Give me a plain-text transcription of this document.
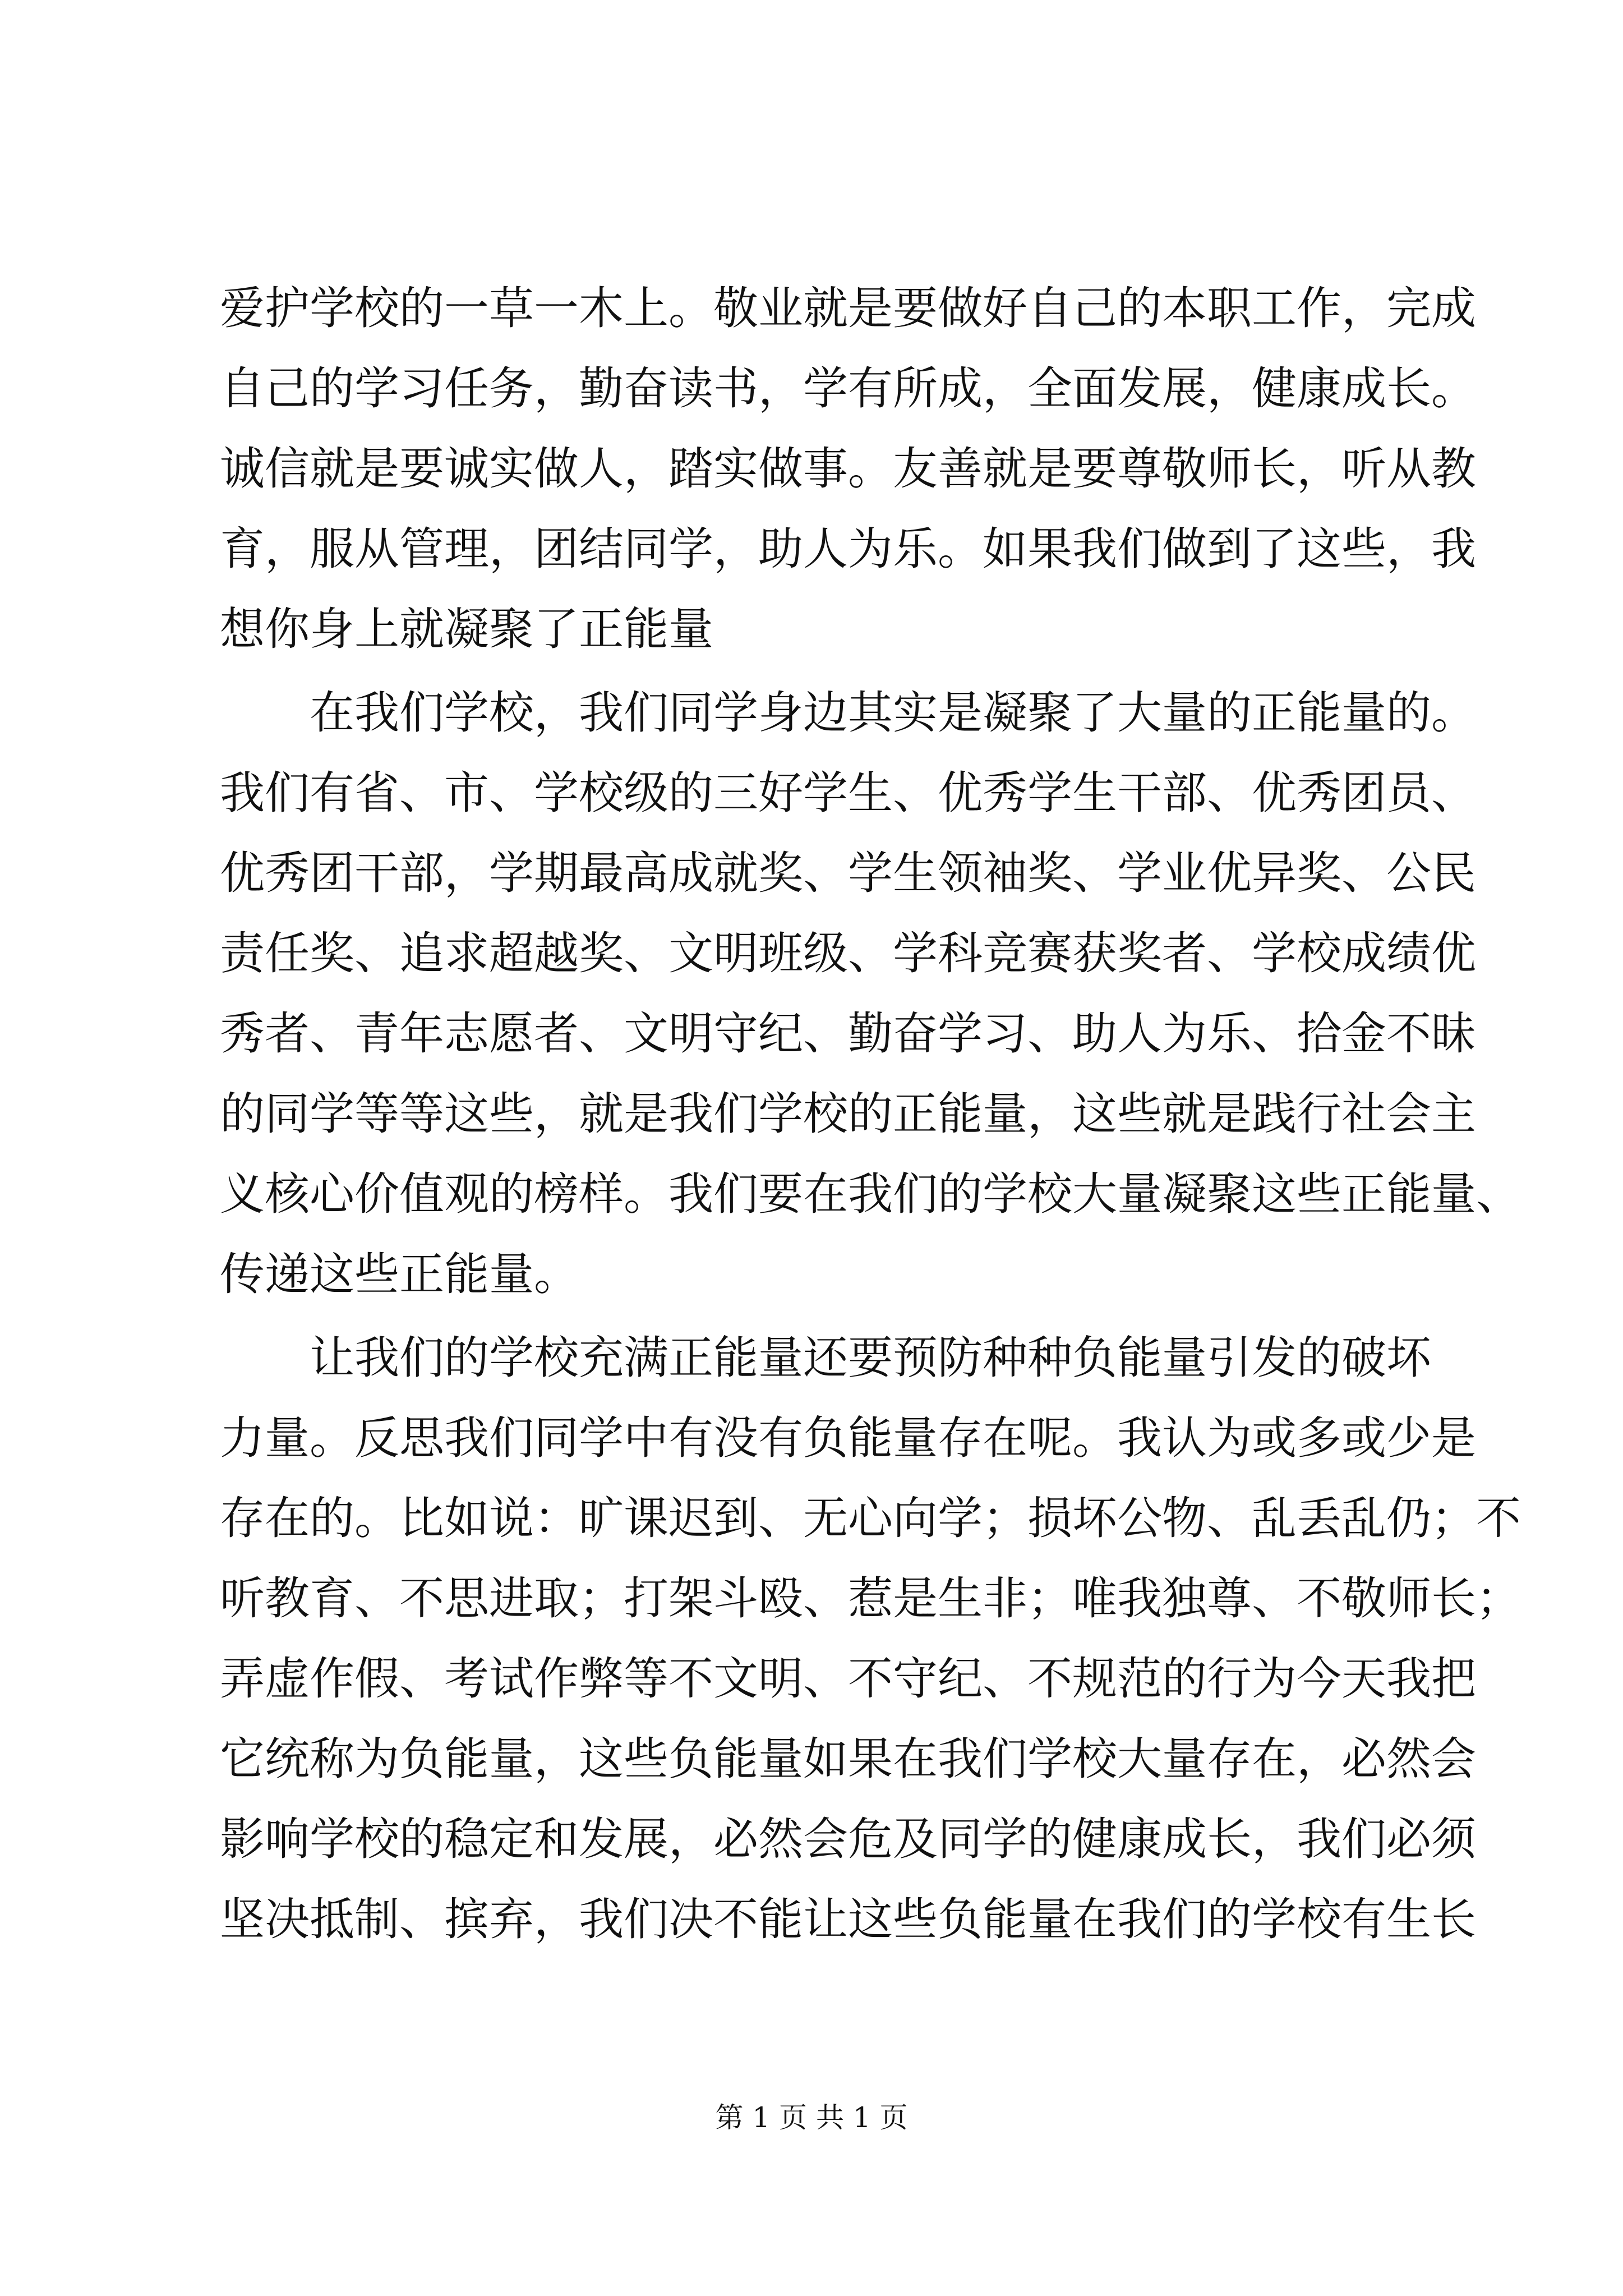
爱护学校的一草一木上。敬业就是要做好自己的本职工作，完成
自己的学习任务，勤奋读书，学有所成，全面发展，健康成长。
诚信就是要诚实做人，踏实做事。友善就是要尊敬师长，听从教
育，服从管理，团结同学，助人为乐。如果我们做到了这些，我
想你身上就凝聚了正能量
在我们学校，我们同学身边其实是凝聚了大量的正能量的。
我们有省、市、学校级的三好学生、优秀学生干部、优秀团员、
优秀团干部，学期最高成就奖、学生领袖奖、学业优异奖、公民
责任奖、追求超越奖、文明班级、学科竞赛获奖者、学校成绩优
秀者、青年志愿者、文明守纪、勤奋学习、助人为乐、拾金不昧
的同学等等这些，就是我们学校的正能量，这些就是践行社会主
义核心价值观的榜样。我们要在我们的学校大量凝聚这些正能量、
传递这些正能量。
让我们的学校充满正能量还要预防种种负能量引发的破坏
力量。反思我们同学中有没有负能量存在呢。我认为或多或少是
存在的。比如说：旷课迟到、无心向学；损坏公物、乱丢乱仍；不
听教育、不思进取；打架斗殴、惹是生非；唯我独尊、不敬师长；
弄虚作假、考试作弊等不文明、不守纪、不规范的行为今天我把
它统称为负能量，这些负能量如果在我们学校大量存在，必然会
影响学校的稳定和发展，必然会危及同学的健康成长，我们必须
坚决抵制、摈弃，我们决不能让这些负能量在我们的学校有生长
第 1 页 共 1 页
